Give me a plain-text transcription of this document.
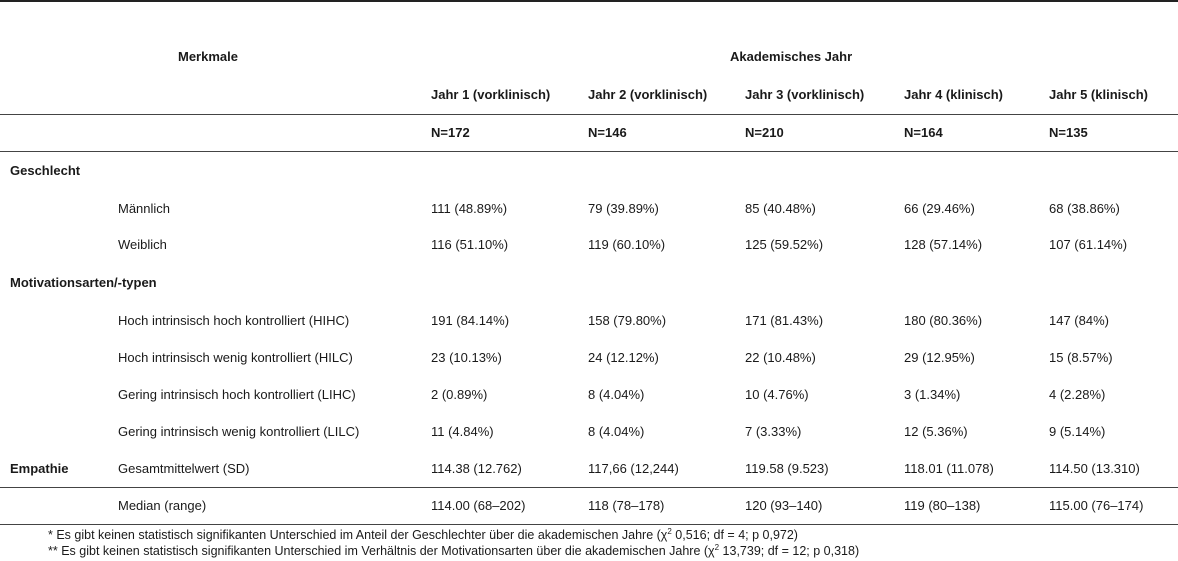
Merkmale	Akademisches Jahr
Jahr 1 (vorklinisch)	Jahr 2 (vorklinisch)	Jahr 3 (vorklinisch)	Jahr 4 (klinisch)	Jahr 5 (klinisch)
N=172	N=146	N=210	N=164	N=135
Geschlecht
Männlich	111 (48.89%)	79 (39.89%)	85 (40.48%)	66 (29.46%)	68 (38.86%)
Weiblich	116 (51.10%)	119 (60.10%)	125 (59.52%)	128 (57.14%)	107 (61.14%)
Motivationsarten/-typen
Hoch intrinsisch hoch kontrolliert (HIHC)	191 (84.14%)	158 (79.80%)	171 (81.43%)	180 (80.36%)	147 (84%)
Hoch intrinsisch wenig kontrolliert (HILC)	23 (10.13%)	24 (12.12%)	22 (10.48%)	29 (12.95%)	15 (8.57%)
Gering intrinsisch hoch kontrolliert (LIHC)	2 (0.89%)	8 (4.04%)	10 (4.76%)	3 (1.34%)	4 (2.28%)
Gering intrinsisch wenig kontrolliert (LILC)	11 (4.84%)	8 (4.04%)	7 (3.33%)	12 (5.36%)	9 (5.14%)
Empathie	Gesamtmittelwert (SD)	114.38 (12.762)	117,66 (12,244)	119.58 (9.523)	118.01 (11.078)	114.50 (13.310)
Median (range)	114.00 (68–202)	118 (78–178)	120 (93–140)	119 (80–138)	115.00 (76–174)
* Es gibt keinen statistisch signifikanten Unterschied im Anteil der Geschlechter über die akademischen Jahre ($\chi^2$ 0,516; df = 4; p 0,972)
** Es gibt keinen statistisch signifikanten Unterschied im Verhältnis der Motivationsarten über die akademischen Jahre ($\chi^2$ 13,739; df = 12; p 0,318)
